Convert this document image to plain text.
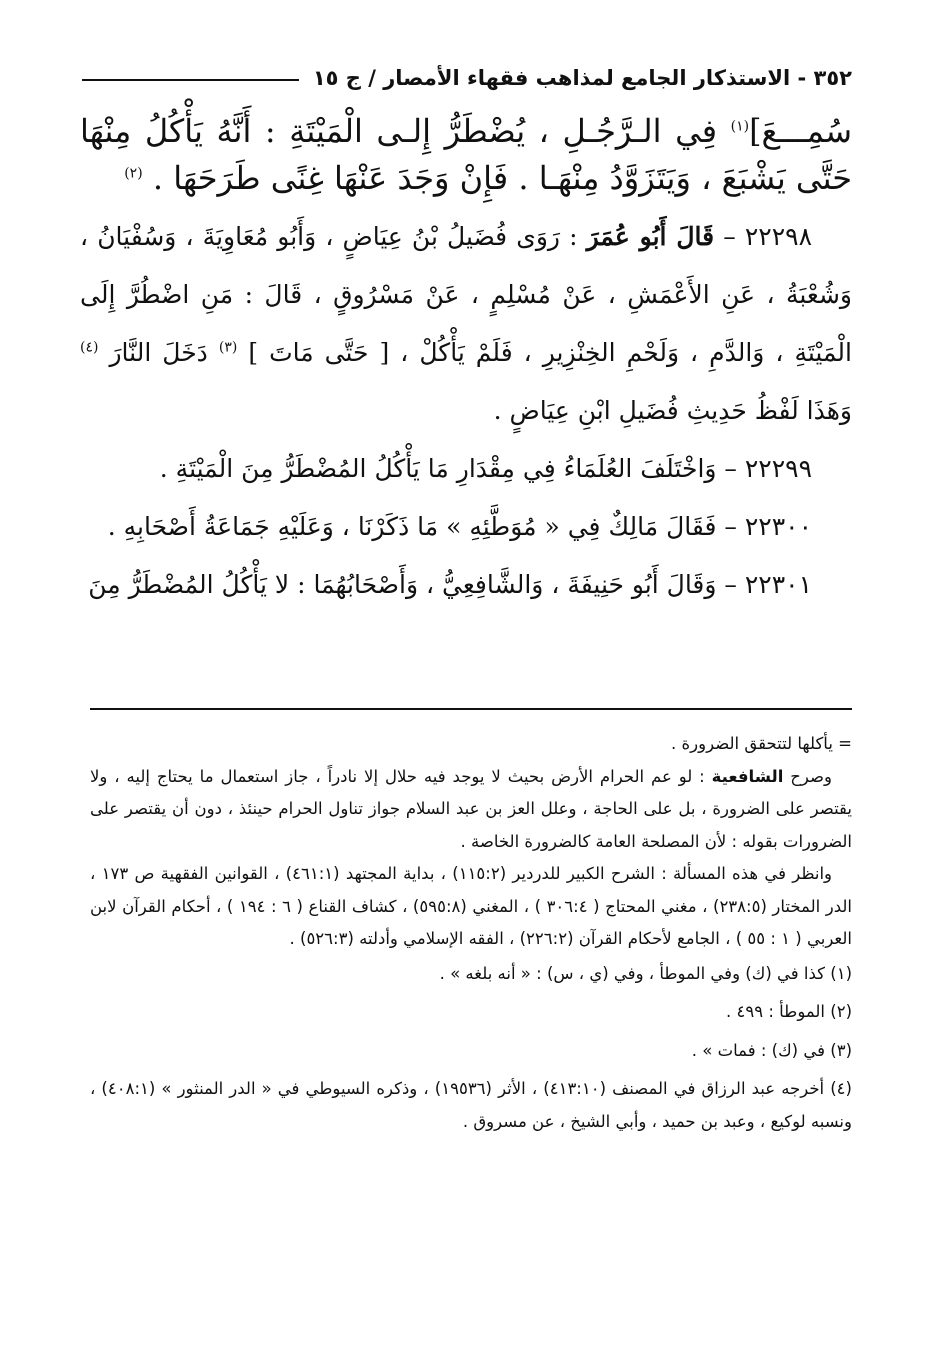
٣٥٢ - الاستذكار الجامع لمذاهب فقهاء الأمصار / ج ١٥

سُمِـــعَ]$^{(١)}$ فِي الـرَّجُـلِ ، يُضْطَرُّ إِلـى الْمَيْتَةِ : أَنَّهُ يَأْكُلُ مِنْهَا حَتَّى يَشْبَعَ ، وَيَتَزَوَّدُ مِنْهَـا . فَإِنْ وَجَدَ عَنْهَا غِنًى طَرَحَهَا . $^{(٢)}$

٢٢٢٩٨ – قَالَ أَبُو عُمَرَ : رَوَى فُضَيلُ بْنُ عِيَاضٍ ، وَأَبُو مُعَاوِيَةَ ، وَسُفْيَانُ ، وَشُعْبَةُ ، عَنِ الأَعْمَشِ ، عَنْ مُسْلِمٍ ، عَنْ مَسْرُوقٍ ، قَالَ : مَنِ اضْطُرَّ إِلَى الْمَيْتَةِ ، وَالدَّمِ ، وَلَحْمِ الخِنْزِيرِ ، فَلَمْ يَأْكُلْ ، [ حَتَّى مَاتَ ] $^{(٣)}$ دَخَلَ النَّارَ $^{(٤)}$ وَهَذَا لَفْظُ حَدِيثِ فُضَيلِ ابْنِ عِيَاضٍ .

٢٢٢٩٩ – وَاخْتَلَفَ العُلَمَاءُ فِي مِقْدَارِ مَا يَأْكُلُ المُضْطَرُّ مِنَ الْمَيْتَةِ .

٢٢٣٠٠ – فَقَالَ مَالِكٌ فِي « مُوَطَّئِهِ » مَا ذَكَرْنَا ، وَعَلَيْهِ جَمَاعَةُ أَصْحَابِهِ .

٢٢٣٠١ – وَقَالَ أَبُو حَنِيفَةَ ، وَالشَّافِعِيُّ ، وَأَصْحَابُهُمَا : لا يَأْكُلُ المُضْطَرُّ مِنَ

= يأكلها لتتحقق الضرورة .

وصرح الشافعية : لو عم الحرام الأرض بحيث لا يوجد فيه حلال إلا نادراً ، جاز استعمال ما يحتاج إليه ، ولا يقتصر على الضرورة ، بل على الحاجة ، وعلل العز بن عبد السلام جواز تناول الحرام حينئذ ، دون أن يقتصر على الضرورات بقوله : لأن المصلحة العامة كالضرورة الخاصة .

وانظر في هذه المسألة : الشرح الكبير للدردير (١١٥:٢) ، بداية المجتهد (٤٦١:١) ، القوانين الفقهية ص ١٧٣ ، الدر المختار (٢٣٨:٥) ، مغني المحتاج ( ٣٠٦:٤ ) ، المغني (٥٩٥:٨) ، كشاف القناع ( ٦ : ١٩٤ ) ، أحكام القرآن لابن العربي ( ١ : ٥٥ ) ، الجامع لأحكام القرآن (٢٢٦:٢) ، الفقه الإسلامي وأدلته (٥٢٦:٣) .

(١) كذا في (ك) وفي الموطأ ، وفي (ي ، س) : « أنه بلغه » .

(٢) الموطأ : ٤٩٩ .

(٣) في (ك) : فمات » .

(٤) أخرجه عبد الرزاق في المصنف (٤١٣:١٠) ، الأثر (١٩٥٣٦) ، وذكره السيوطي في « الدر المنثور » (٤٠٨:١) ، ونسبه لوكيع ، وعبد بن حميد ، وأبي الشيخ ، عن مسروق .
